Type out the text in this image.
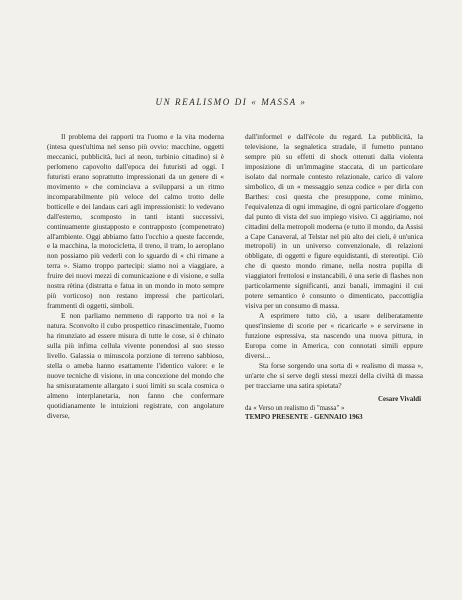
UN REALISMO DI « MASSA »

Il problema dei rapporti tra l'uomo e la vita moderna (intesa quest'ultima nel senso più ovvio: macchine, oggetti meccanici, pubblicità, luci al neon, turbinio cittadino) si è perlomeno capovolto dall'epoca dei futuristi ad oggi. I futuristi erano soprattutto impressionati da un genere di « movimento » che cominciava a svilupparsi a un ritmo incomparabilmente più veloce del calmo trotto delle botticelle e dei landaus cari agli impressionisti: lo vedevano dall'esterno, scomposto in tanti istanti successivi, continuamente giustapposto e contrapposto (compenetrato) all'ambiente. Oggi abbiamo fatto l'occhio a queste faccende, e la macchina, la motocicletta, il treno, il tram, lo aeroplano non possiamo più vederli con lo sguardo di « chi rimane a terra ». Siamo troppo partecipi: siamo noi a viaggiare, a fruire dei nuovi mezzi di comunicazione e di visione, e sulla nostra rètina (distratta e fatua in un mondo in moto sempre più vorticoso) non restano impressi che particolari, frammenti di oggetti, simboli.

E non parliamo nemmeno di rapporto tra noi e la natura. Sconvolto il cubo prospettico rinascimentale, l'uomo ha rinunziato ad essere misura di tutte le cose, si è chinato sulla più infima cellula vivente ponendosi al suo stesso livello. Galassia o minuscola porzione di terreno sabbioso, stella o ameba hanno esattamente l'identico valore: e le nuove tecniche di visione, in una concezione del mondo che ha smisuratamente allargato i suoi limiti su scala cosmica o almeno interplanetaria, non fanno che confermare quotidianamente le intuizioni registrate, con angolature diverse,

dall'informel e dall'école du regard. La pubblicità, la televisione, la segnaletica stradale, il fumetto puntano sempre più su effetti di shock ottenuti dalla violenta imposizione di un'immagine staccata, di un particolare isolato dal normale contesto relazionale, carico di valore simbolico, di un « messaggio senza codice » per dirla con Barthes: cosi questa che presuppone, come minimo, l'equivalenza di ogni immagine, di ogni particolare d'oggetto dal punto di vista del suo impiego visivo. Ci aggiriamo, noi cittadini della metropoli moderna (e tutto il mondo, da Assisi a Cape Canaveral, al Telstar nel più alto dei cieli, è un'unica metropoli) in un universo convenzionale, di relazioni obbligate, di oggetti e figure equidistanti, di stereotipi. Ciò che di questo mondo rimane, nella nostra pupilla di viaggiatori frettolosi e instancabili, è una serie di flashes non particolarmente significanti, anzi banali, immagini il cui potere semantico è consunto o dimenticato, paccottiglia visiva per un consumo di massa.

A esprimere tutto ciò, a usare deliberatamente quest'insieme di scorie per « ricaricarle » e servirsene in funzione espressiva, sta nascendo una nuova pittura, in Europa come in America, con connotati simili eppure diversi...

Sta forse sorgendo una sorta di « realismo di massa », un'arte che si serve degli stessi mezzi della civiltà di massa per tracciarne una satira spietata?

Cesare Vivaldi
da « Verso un realismo di "massa" »
TEMPO PRESENTE - GENNAIO 1963
